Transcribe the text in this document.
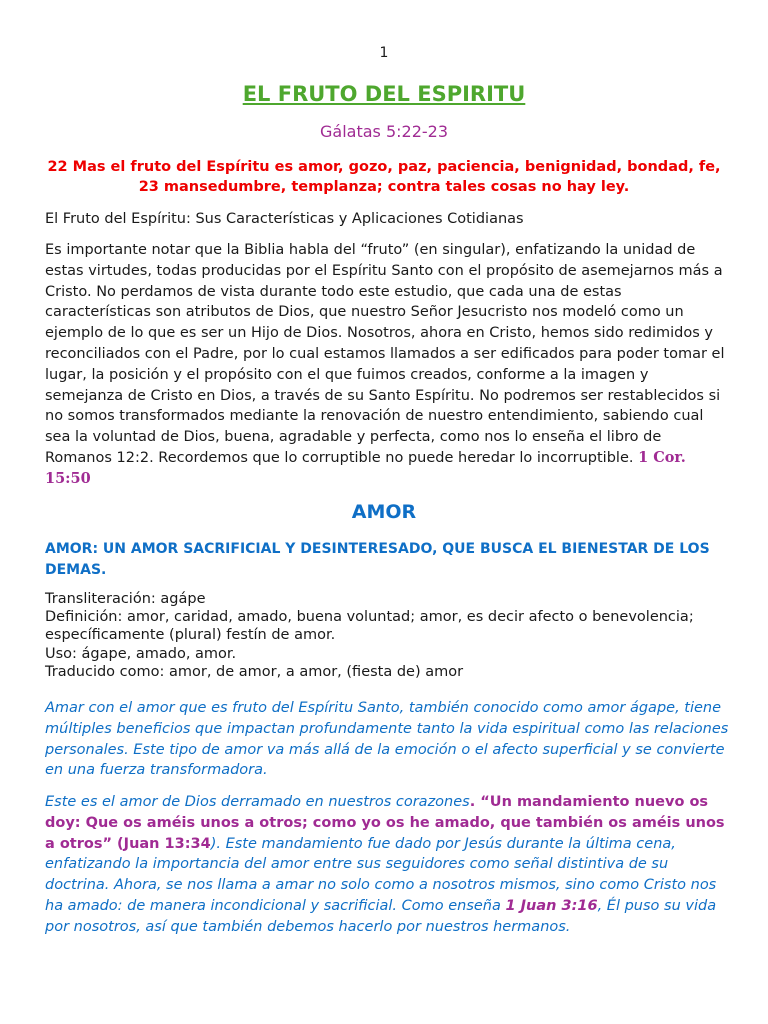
1
EL FRUTO DEL ESPIRITU
Gálatas 5:22-23
22 Mas el fruto del Espíritu es amor, gozo, paz, paciencia, benignidad, bondad, fe, 23 mansedumbre, templanza; contra tales cosas no hay ley.
El Fruto del Espíritu: Sus Características y Aplicaciones Cotidianas
Es importante notar que la Biblia habla del “fruto” (en singular), enfatizando la unidad de estas virtudes, todas producidas por el Espíritu Santo con el propósito de asemejarnos más a Cristo. No perdamos de vista durante todo este estudio, que cada una de estas características son atributos de Dios, que nuestro Señor Jesucristo nos modeló como un ejemplo de lo que es ser un Hijo de Dios. Nosotros, ahora en Cristo, hemos sido redimidos y reconciliados con el Padre, por lo cual estamos llamados a ser edificados para poder tomar el lugar, la posición y el propósito con el que fuimos creados, conforme a la imagen y semejanza de Cristo en Dios, a través de su Santo Espíritu. No podremos ser restablecidos si no somos transformados mediante la renovación de nuestro entendimiento, sabiendo cual sea la voluntad de Dios, buena, agradable y perfecta, como nos lo enseña el libro de Romanos 12:2. Recordemos que lo corruptible no puede heredar lo incorruptible. 1 Cor. 15:50
AMOR
AMOR: UN AMOR SACRIFICIAL Y DESINTERESADO, QUE BUSCA EL BIENESTAR DE LOS DEMAS.
Transliteración: agápe
Definición: amor, caridad, amado, buena voluntad; amor, es decir afecto o benevolencia;
específicamente (plural) festín de amor.
Uso: ágape, amado, amor.
Traducido como: amor, de amor, a amor, (fiesta de) amor
Amar con el amor que es fruto del Espíritu Santo, también conocido como amor ágape, tiene múltiples beneficios que impactan profundamente tanto la vida espiritual como las relaciones personales. Este tipo de amor va más allá de la emoción o el afecto superficial y se convierte en una fuerza transformadora.
Este es el amor de Dios derramado en nuestros corazones. “Un mandamiento nuevo os doy: Que os améis unos a otros; como yo os he amado, que también os améis unos a otros” (Juan 13:34). Este mandamiento fue dado por Jesús durante la última cena, enfatizando la importancia del amor entre sus seguidores como señal distintiva de su doctrina. Ahora, se nos llama a amar no solo como a nosotros mismos, sino como Cristo nos ha amado: de manera incondicional y sacrificial. Como enseña 1 Juan 3:16, Él puso su vida por nosotros, así que también debemos hacerlo por nuestros hermanos.
